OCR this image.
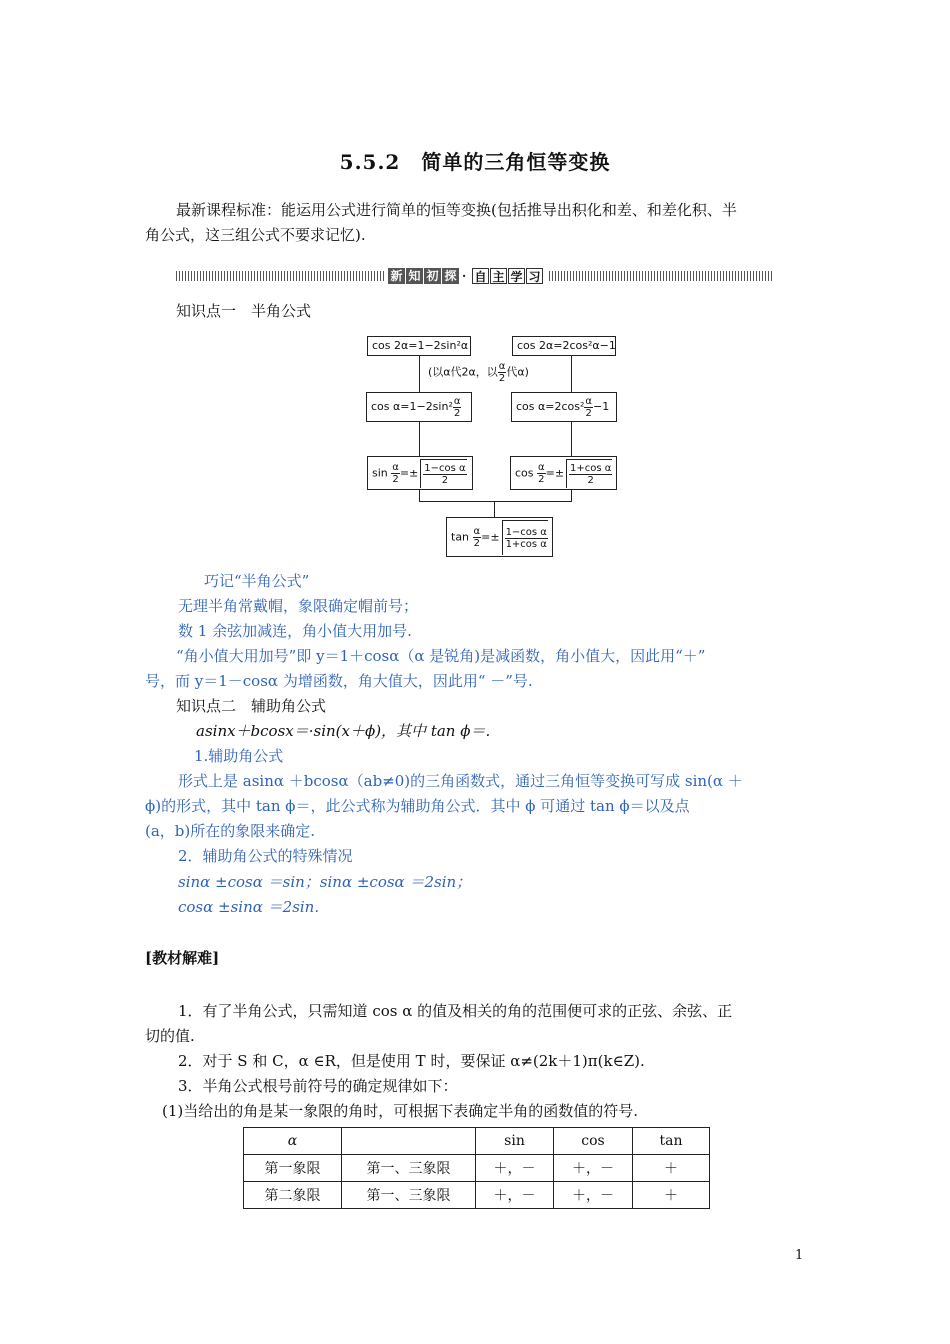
5.5.2　简单的三角恒等变换
最新课程标准：能运用公式进行简单的恒等变换(包括推导出积化和差、和差化积、半
角公式，这三组公式不要求记忆).
新 知 初 探 · 自 主 学 习
知识点一　半角公式
cos 2α=1−2sin²α	cos 2α=2cos²α−1
(以α代2α，以 $\frac{\alpha}{2}$ 代α)
$\cos \alpha=1-2\sin^2 \frac{\alpha}{2}$	$\cos \alpha=2\cos^2 \frac{\alpha}{2} -1$
$\sin \frac{\alpha}{2} =\pm \frac{\text{1−cos α}}{2}$	$\cos \frac{\alpha}{2} =\pm \frac{\text{1+cos α}}{2}$
$\tan \frac{\alpha}{2} =\pm \frac{\text{1−cos α}}{\text{1+cos α}}$
巧记“半角公式”
无理半角常戴帽，象限确定帽前号；
数 1 余弦加减连，角小值大用加号.
“角小值大用加号”即 y＝1＋cosα（α 是锐角)是减函数，角小值大，因此用“＋”
号，而 y＝1－cosα 为增函数，角大值大，因此用“ －”号.
知识点二　辅助角公式
asinx＋bcosx＝·sin(x＋ϕ)，其中 tan ϕ＝.
1.辅助角公式
形式上是 asinα ＋bcosα（ab≠0)的三角函数式，通过三角恒等变换可写成 sin(α ＋
ϕ)的形式，其中 tan ϕ＝，此公式称为辅助角公式．其中 ϕ 可通过 tan ϕ＝以及点
(a，b)所在的象限来确定.
2．辅助角公式的特殊情况
sinα ±cosα ＝sin；sinα ±cosα ＝2sin；
cosα ±sinα ＝2sin.
[教材解难]
1．有了半角公式，只需知道 cos α 的值及相关的角的范围便可求的正弦、余弦、正
切的值.
2．对于 S 和 C，α ∈R，但是使用 T 时，要保证 α≠(2k＋1)π(k∈Z).
3．半角公式根号前符号的确定规律如下：
(1)当给出的角是某一象限的角时，可根据下表确定半角的函数值的符号.
α		sin	cos	tan
第一象限	第一、三象限	＋，－	＋，－	＋
第二象限	第一、三象限	＋，－	＋，－	＋
1
